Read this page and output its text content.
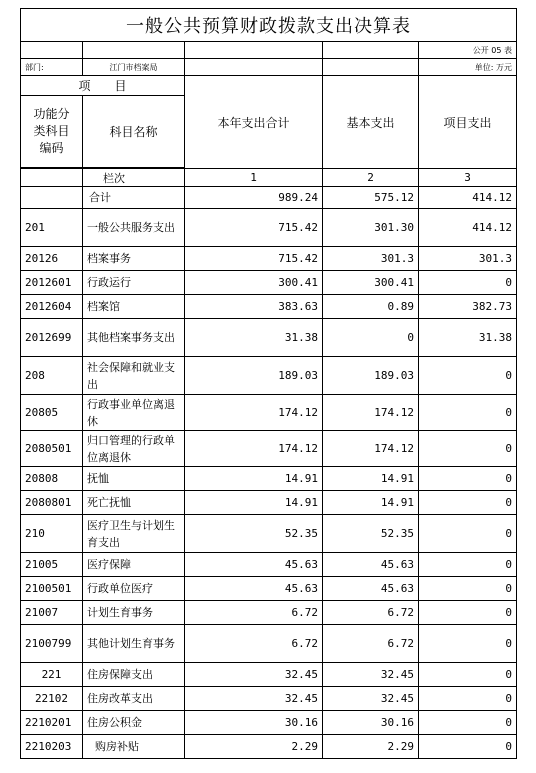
一般公共预算财政拨款支出决算表				
				公开 05 表
部门:	江门市档案局			单位: 万元
项　　目		本年支出合计	基本支出	项目支出
功能分类科目编码	科目名称			

	栏次	1	2	3
	合计	989.24	575.12	414.12
201	一般公共服务支出	715.42	301.30	414.12
20126	档案事务	715.42	301.3	301.3
2012601	行政运行	300.41	300.41	0
2012604	档案馆	383.63	0.89	382.73
2012699	其他档案事务支出	31.38	0	31.38
208	社会保障和就业支出	189.03	189.03	0
20805	行政事业单位离退休	174.12	174.12	0
2080501	归口管理的行政单位离退休	174.12	174.12	0
20808	抚恤	14.91	14.91	0
2080801	死亡抚恤	14.91	14.91	0
210	医疗卫生与计划生育支出	52.35	52.35	0
21005	医疗保障	45.63	45.63	0
2100501	行政单位医疗	45.63	45.63	0
21007	计划生育事务	6.72	6.72	0
2100799	其他计划生育事务	6.72	6.72	0
221	住房保障支出	32.45	32.45	0
22102	住房改革支出	32.45	32.45	0
2210201	住房公积金	30.16	30.16	0
2210203	购房补贴	2.29	2.29	0
